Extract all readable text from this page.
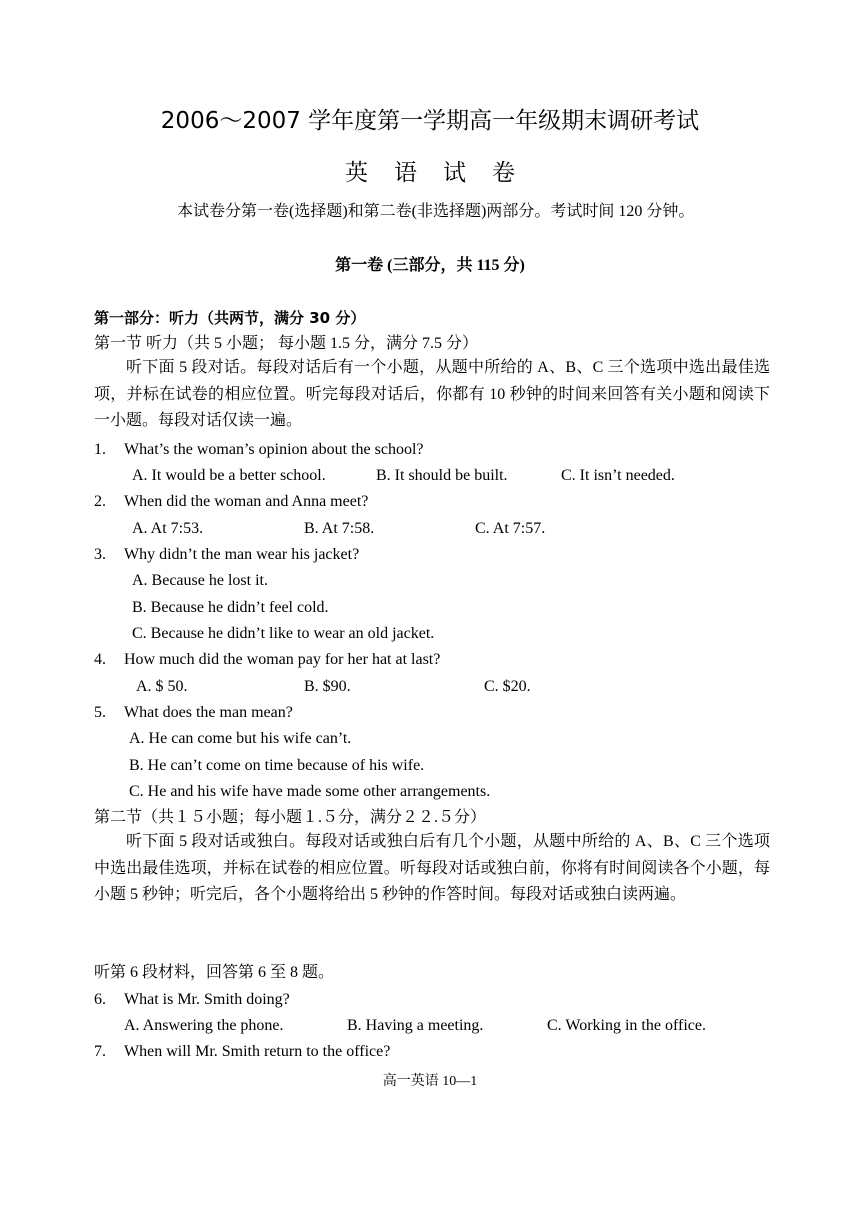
2006～2007 学年度第一学期高一年级期末调研考试
英语试卷
本试卷分第一卷(选择题)和第二卷(非选择题)两部分。考试时间 120 分钟。
第一卷 (三部分，共 115 分)
第一部分：听力（共两节，满分 30 分）
第一节 听力（共 5 小题； 每小题 1.5 分，满分 7.5 分）
听下面 5 段对话。每段对话后有一个小题，从题中所给的 A、B、C 三个选项中选出最佳选项，并标在试卷的相应位置。听完每段对话后，你都有 10 秒钟的时间来回答有关小题和阅读下一小题。每段对话仅读一遍。
1. What’s the woman’s opinion about the school?
A. It would be a better school.	B. It should be built.	C. It isn’t needed.
2. When did the woman and Anna meet?
A. At 7:53.	B. At 7:58.	C. At 7:57.
3. Why didn’t the man wear his jacket?
A. Because he lost it.
B. Because he didn’t feel cold.
C. Because he didn’t like to wear an old jacket.
4. How much did the woman pay for her hat at last?
A. $ 50.	B. $90.	C. $20.
5. What does the man mean?
A. He can come but his wife can’t.
B. He can’t come on time because of his wife.
C. He and his wife have made some other arrangements.
第二节（共１５小题；每小题１.５分，满分２２.５分）
听下面 5 段对话或独白。每段对话或独白后有几个小题，从题中所给的 A、B、C 三个选项中选出最佳选项，并标在试卷的相应位置。听每段对话或独白前，你将有时间阅读各个小题，每小题 5 秒钟；听完后，各个小题将给出 5 秒钟的作答时间。每段对话或独白读两遍。
听第 6 段材料，回答第 6 至 8 题。
6. What is Mr. Smith doing?
A. Answering the phone.	B. Having a meeting.	C. Working in the office.
7. When will Mr. Smith return to the office?
高一英语 10—1
